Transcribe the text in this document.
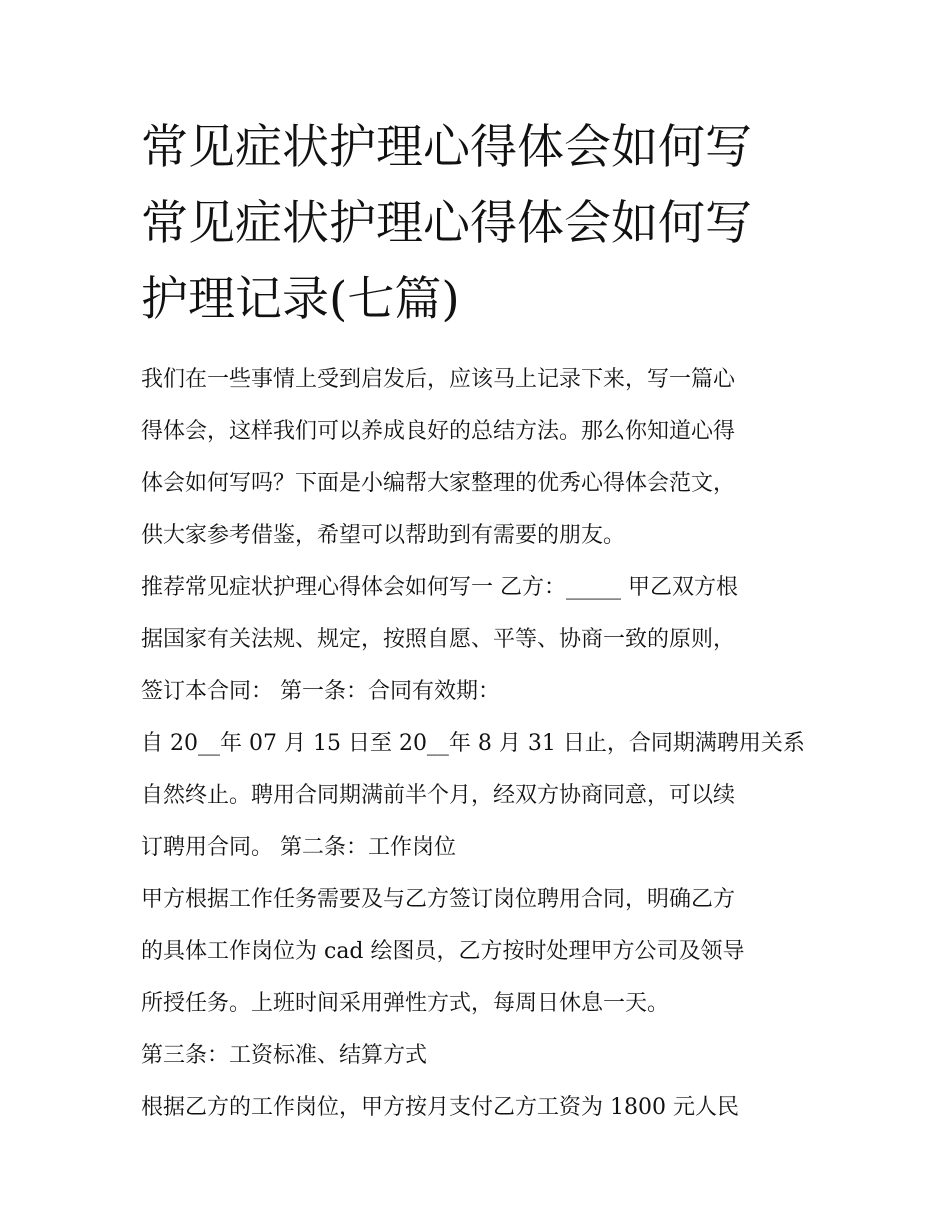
常见症状护理心得体会如何写
常见症状护理心得体会如何写
护理记录(七篇)

我们在一些事情上受到启发后，应该马上记录下来，写一篇心
得体会，这样我们可以养成良好的总结方法。那么你知道心得
体会如何写吗？下面是小编帮大家整理的优秀心得体会范文，
供大家参考借鉴，希望可以帮助到有需要的朋友。

推荐常见症状护理心得体会如何写一 乙方：_____ 甲乙双方根
据国家有关法规、规定，按照自愿、平等、协商一致的原则，
签订本合同： 第一条：合同有效期：

自 20__年 07 月 15 日至 20__年 8 月 31 日止，合同期满聘用关系
自然终止。聘用合同期满前半个月，经双方协商同意，可以续
订聘用合同。 第二条：工作岗位

甲方根据工作任务需要及与乙方签订岗位聘用合同，明确乙方
的具体工作岗位为 cad 绘图员，乙方按时处理甲方公司及领导
所授任务。上班时间采用弹性方式，每周日休息一天。

第三条：工资标准、结算方式

根据乙方的工作岗位，甲方按月支付乙方工资为 1800 元人民
